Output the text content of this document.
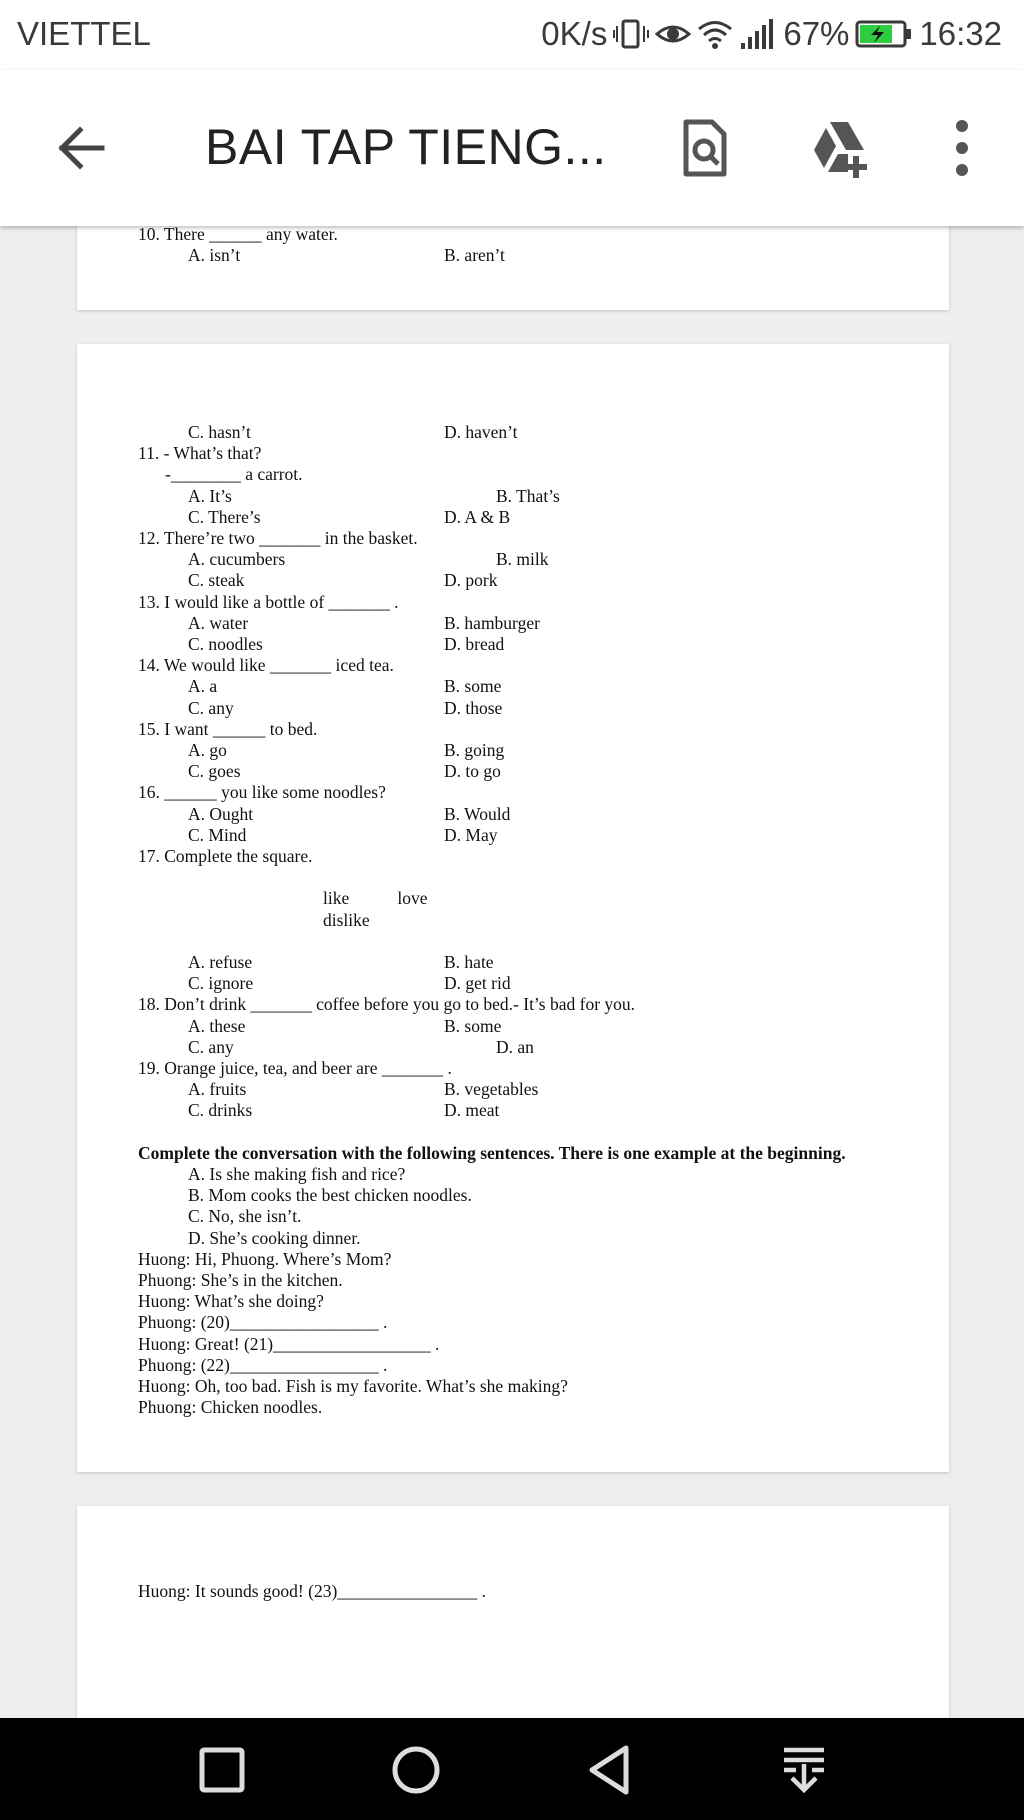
VIETTEL	0K/s	67% 16:32
BAI TAP TIENG...
10. There ______ any water.
A. isn’t	B. aren’t
C. hasn’t	D. haven’t
11. - What’s that?
-________ a carrot.
A. It’s	B. That’s
C. There’s	D. A & B
12. There’re two _______ in the basket.
A. cucumbers	B. milk
C. steak	D. pork
13. I would like a bottle of _______ .
A. water	B. hamburger
C. noodles	D. bread
14. We would like _______ iced tea.
A. a	B. some
C. any	D. those
15. I want ______ to bed.
A. go	B. going
C. goes	D. to go
16. ______ you like some noodles?
A. Ought	B. Would
C. Mind	D. May
17. Complete the square.
like           love
dislike
A. refuse	B. hate
C. ignore	D. get rid
18. Don’t drink _______ coffee before you go to bed.- It’s bad for you.
A. these	B. some
C. any	D. an
19. Orange juice, tea, and beer are _______ .
A. fruits	B. vegetables
C. drinks	D. meat
Complete the conversation with the following sentences. There is one example at the beginning.
A. Is she making fish and rice?
B. Mom cooks the best chicken noodles.
C. No, she isn’t.
D. She’s cooking dinner.
Huong: Hi, Phuong. Where’s Mom?
Phuong: She’s in the kitchen.
Huong: What’s she doing?
Phuong: (20)_________________ .
Huong: Great! (21)__________________ .
Phuong: (22)_________________ .
Huong: Oh, too bad. Fish is my favorite. What’s she making?
Phuong: Chicken noodles.
Huong: It sounds good! (23)________________ .
